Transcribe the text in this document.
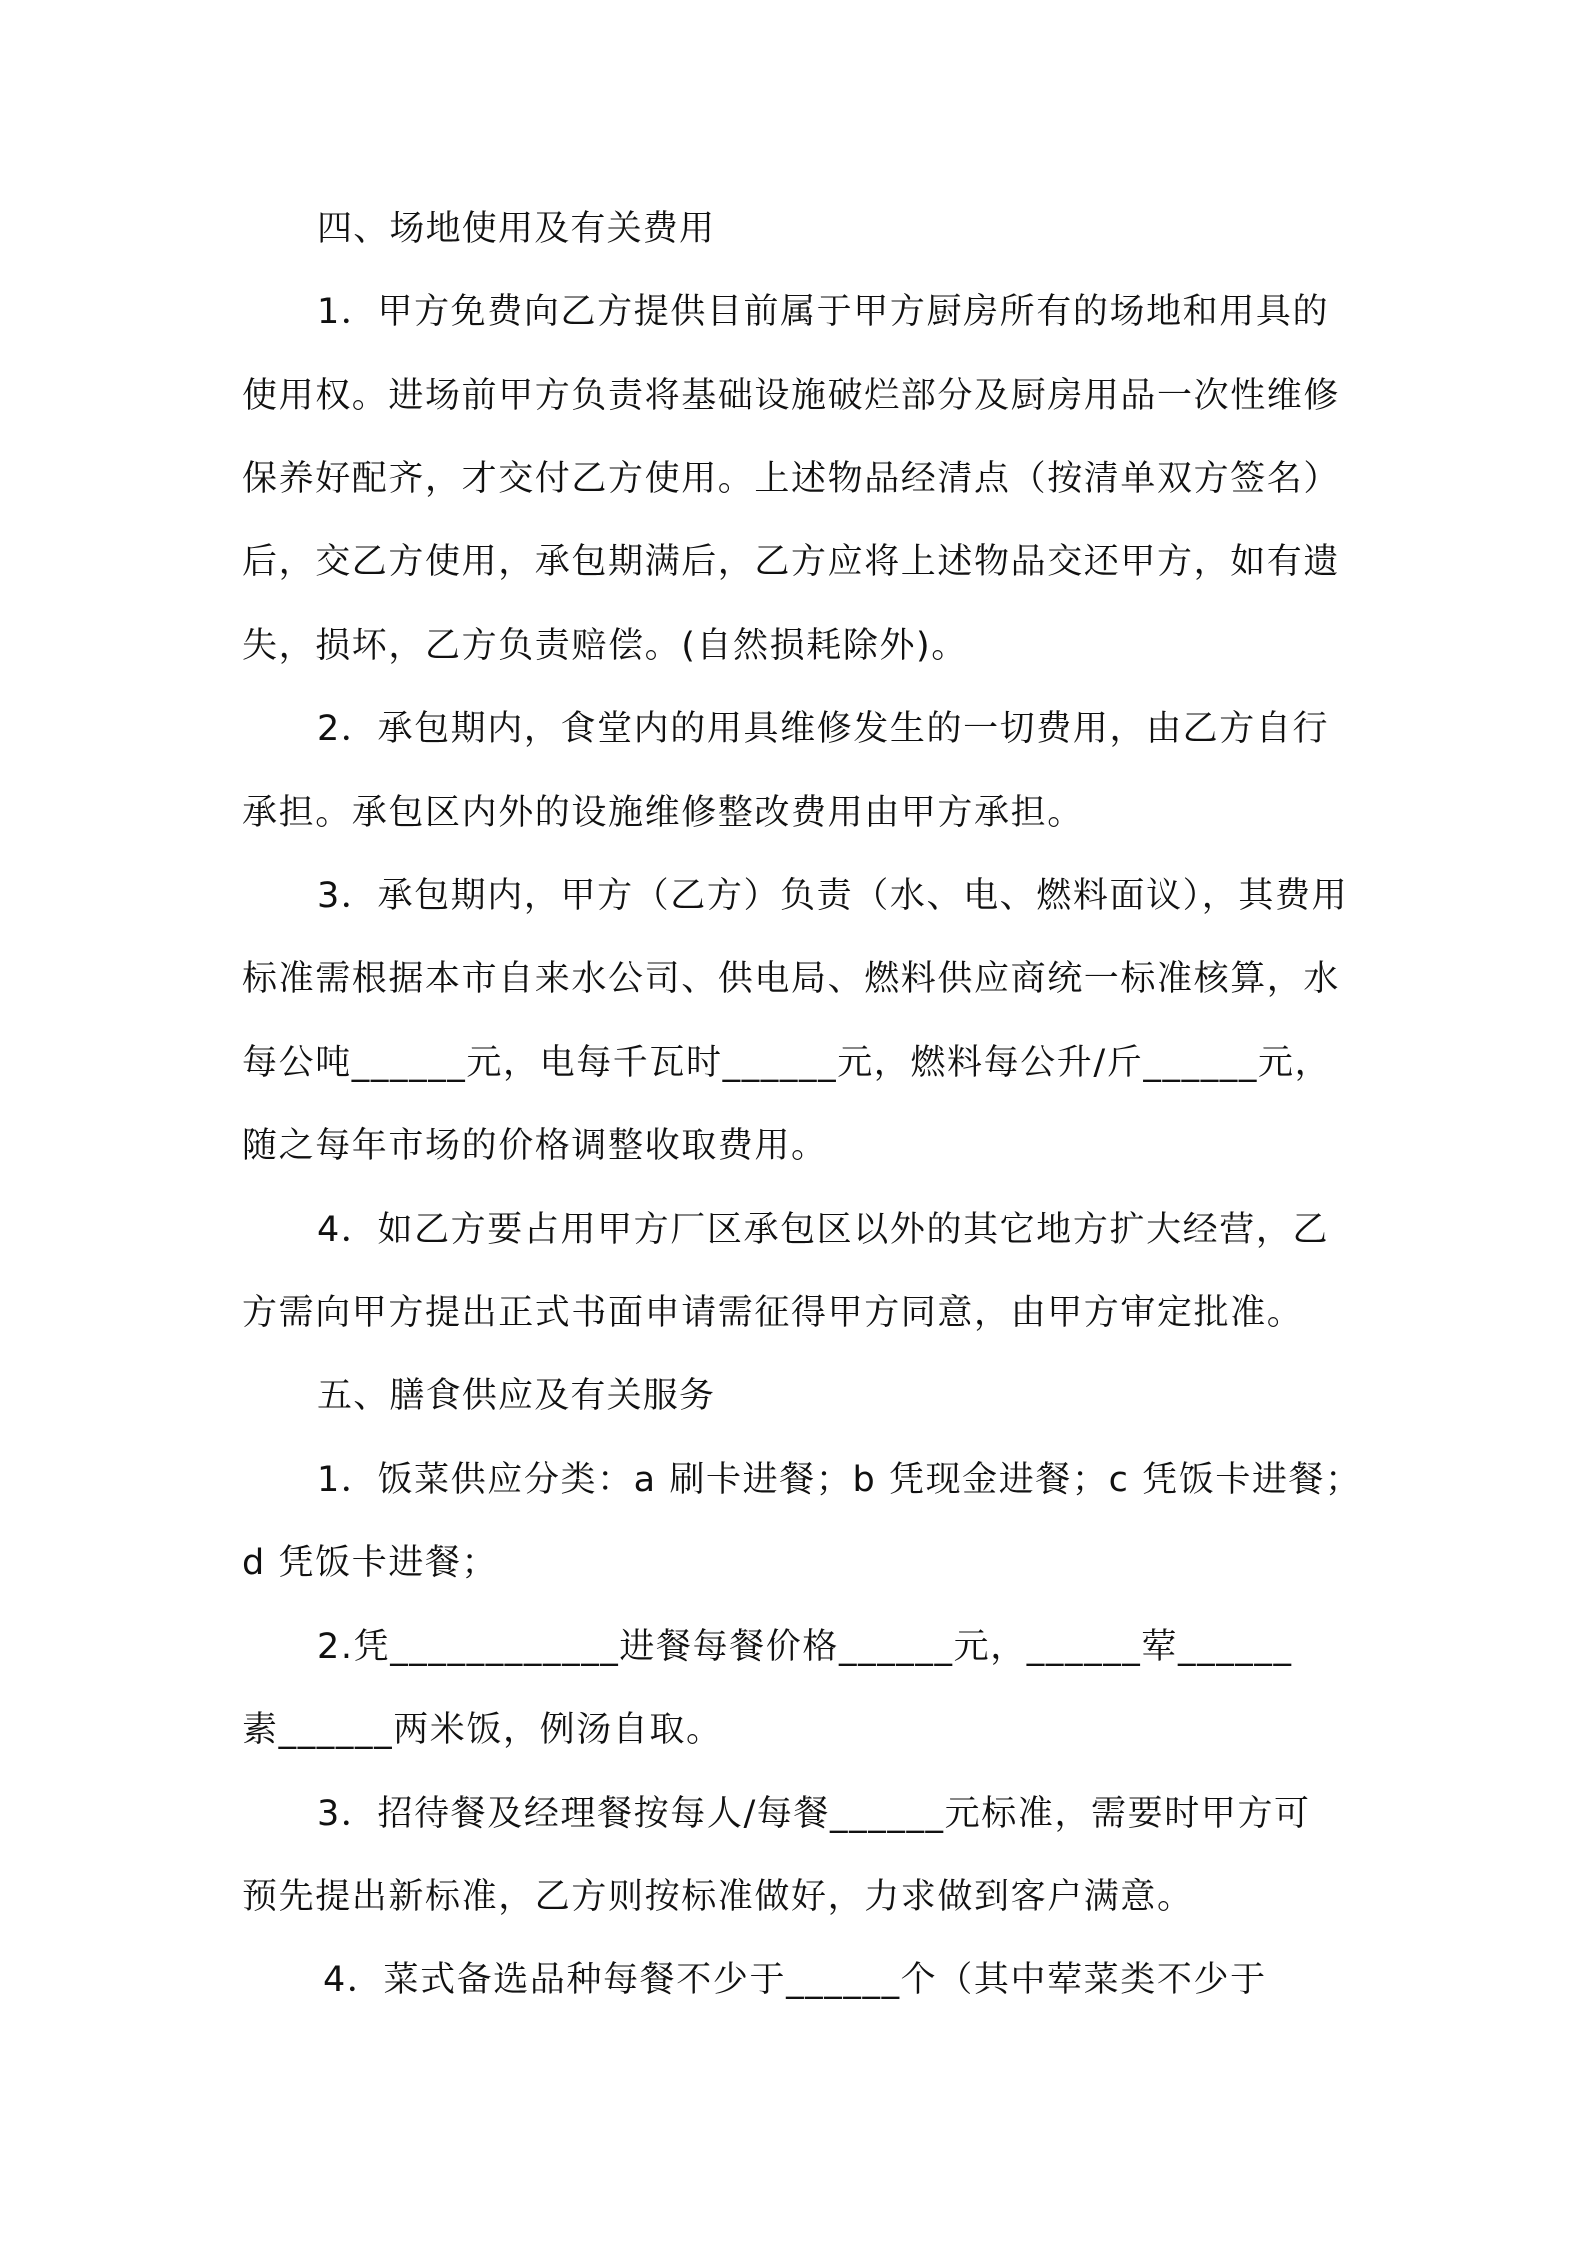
四、场地使用及有关费用
1．甲方免费向乙方提供目前属于甲方厨房所有的场地和用具的
使用权。进场前甲方负责将基础设施破烂部分及厨房用品一次性维修
保养好配齐，才交付乙方使用。上述物品经清点（按清单双方签名）
后，交乙方使用，承包期满后，乙方应将上述物品交还甲方，如有遗
失，损坏，乙方负责赔偿。(自然损耗除外)。
2．承包期内，食堂内的用具维修发生的一切费用，由乙方自行
承担。承包区内外的设施维修整改费用由甲方承担。
3．承包期内，甲方（乙方）负责（水、电、燃料面议），其费用
标准需根据本市自来水公司、供电局、燃料供应商统一标准核算，水
每公吨______元，电每千瓦时______元，燃料每公升/斤______元，
随之每年市场的价格调整收取费用。
4．如乙方要占用甲方厂区承包区以外的其它地方扩大经营，乙
方需向甲方提出正式书面申请需征得甲方同意，由甲方审定批准。
五、膳食供应及有关服务
1．饭菜供应分类：a 刷卡进餐；b 凭现金进餐；c 凭饭卡进餐；
d 凭饭卡进餐；
2.凭____________进餐每餐价格______元，______荤______
素______两米饭，例汤自取。
3．招待餐及经理餐按每人/每餐______元标准，需要时甲方可
预先提出新标准，乙方则按标准做好，力求做到客户满意。
4．菜式备选品种每餐不少于______个（其中荤菜类不少于
